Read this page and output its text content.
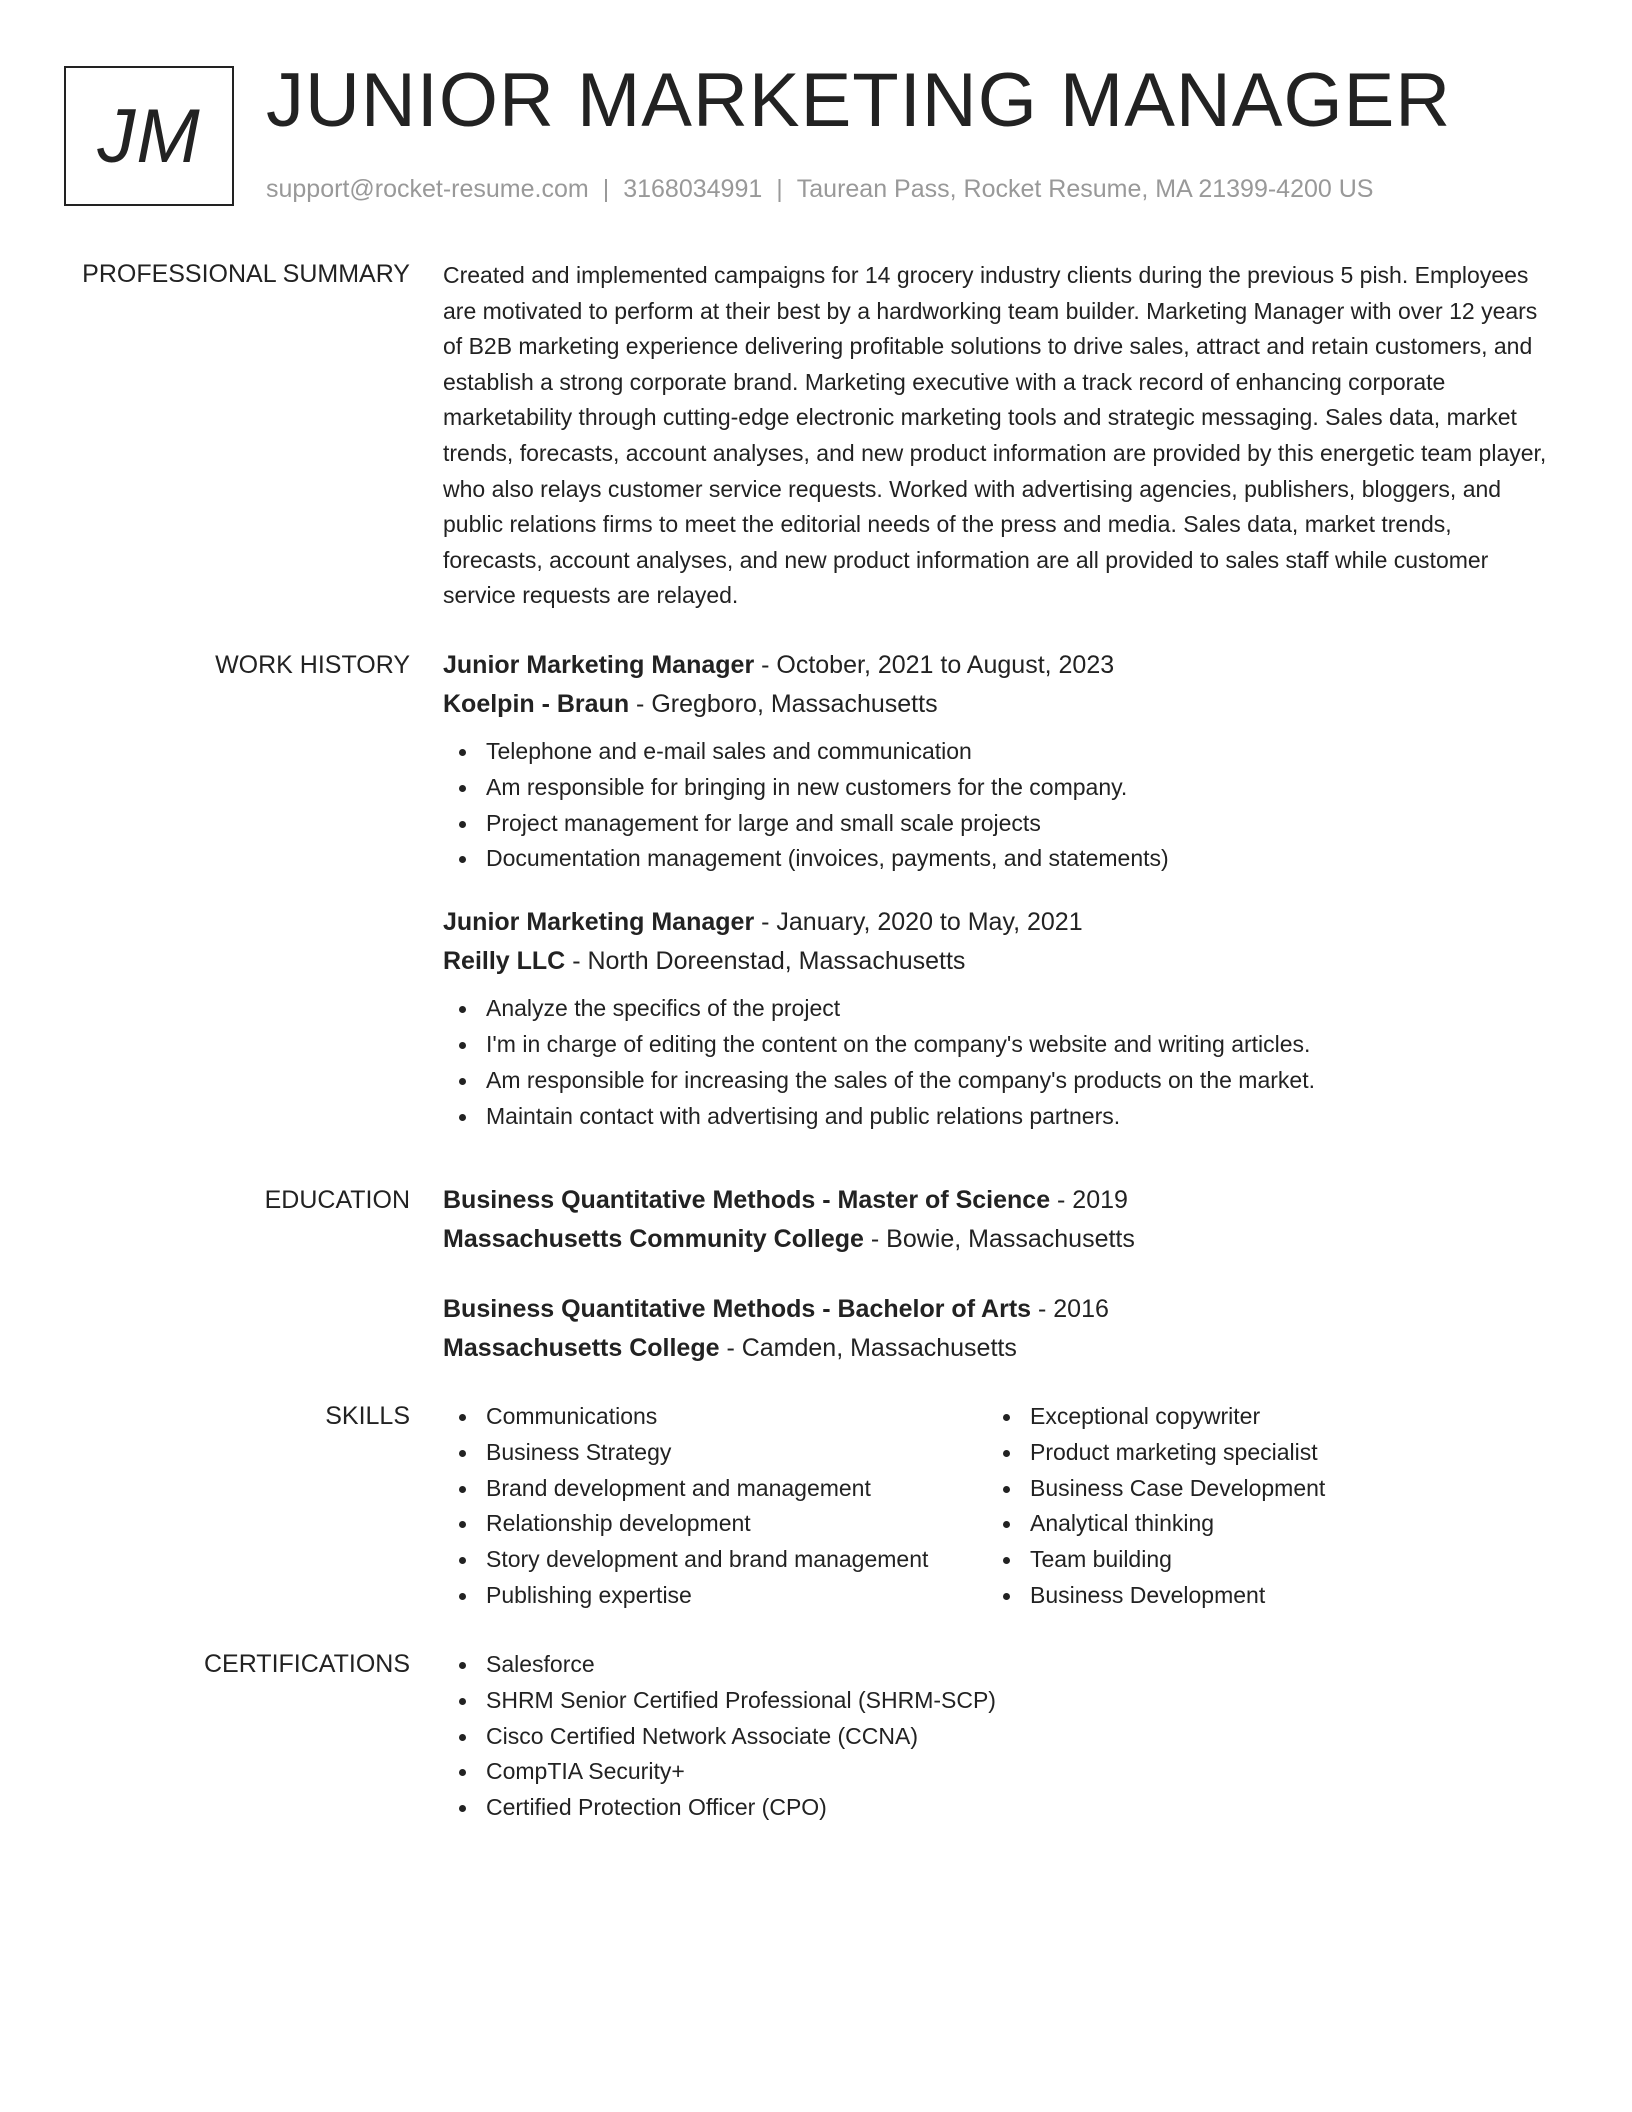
JM JUNIOR MARKETING MANAGER
support@rocket-resume.com | 3168034991 | Taurean Pass, Rocket Resume, MA 21399-4200 US
PROFESSIONAL SUMMARY Created and implemented campaigns for 14 grocery industry clients during the previous 5 pish. Employees are motivated to perform at their best by a hardworking team builder. Marketing Manager with over 12 years of B2B marketing experience delivering profitable solutions to drive sales, attract and retain customers, and establish a strong corporate brand. Marketing executive with a track record of enhancing corporate marketability through cutting-edge electronic marketing tools and strategic messaging. Sales data, market trends, forecasts, account analyses, and new product information are provided by this energetic team player, who also relays customer service requests. Worked with advertising agencies, publishers, bloggers, and public relations firms to meet the editorial needs of the press and media. Sales data, market trends, forecasts, account analyses, and new product information are all provided to sales staff while customer service requests are relayed.

WORK HISTORY Junior Marketing Manager - October, 2021 to August, 2023
Koelpin - Braun - Gregboro, Massachusetts
Telephone and e-mail sales and communication
Am responsible for bringing in new customers for the company.
Project management for large and small scale projects
Documentation management (invoices, payments, and statements)
Junior Marketing Manager - January, 2020 to May, 2021
Reilly LLC - North Doreenstad, Massachusetts
Analyze the specifics of the project
I'm in charge of editing the content on the company's website and writing articles.
Am responsible for increasing the sales of the company's products on the market.
Maintain contact with advertising and public relations partners.
EDUCATION Business Quantitative Methods - Master of Science - 2019
Massachusetts Community College - Bowie, Massachusetts
Business Quantitative Methods - Bachelor of Arts - 2016
Massachusetts College - Camden, Massachusetts
SKILLS	Communications
Business Strategy
Brand development and management
Relationship development
Story development and brand management
Publishing expertise
Exceptional copywriter
Product marketing specialist
Business Case Development
Analytical thinking
Team building
Business Development
CERTIFICATIONS	Salesforce
SHRM Senior Certified Professional (SHRM-SCP)
Cisco Certified Network Associate (CCNA)
CompTIA Security+
Certified Protection Officer (CPO)
